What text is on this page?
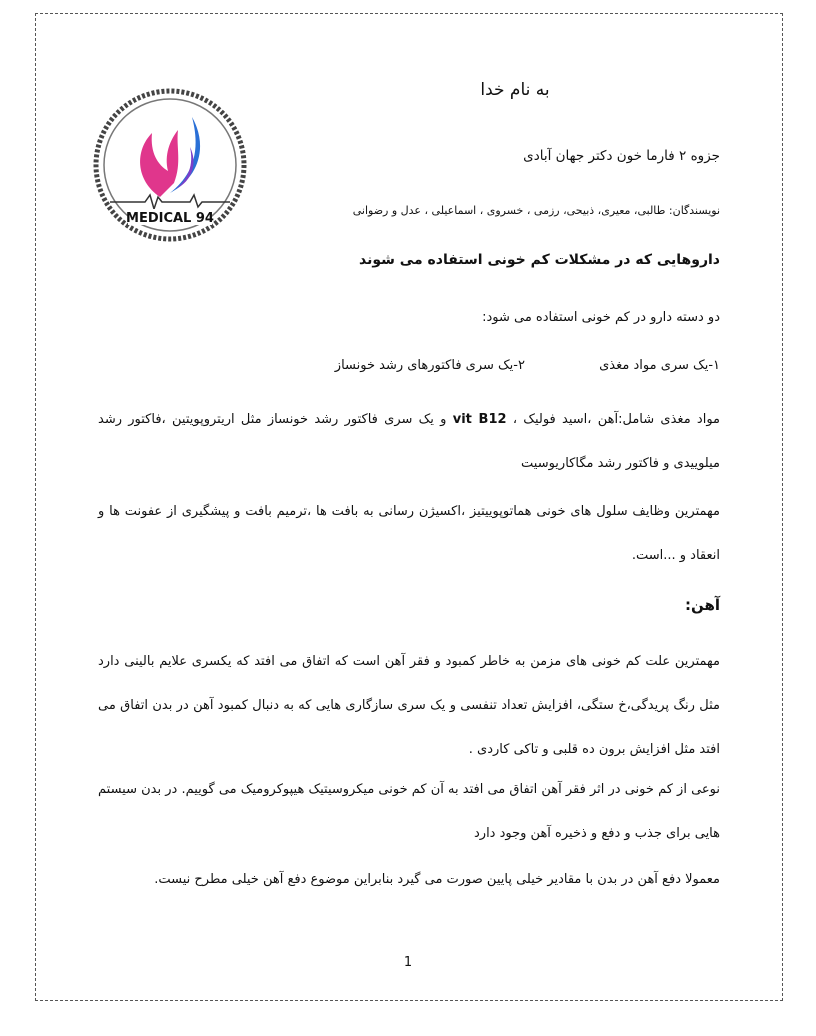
MEDICAL 94
به نام خدا
جزوه ۲ فارما خون دکتر جهان آبادی
نویسندگان: طالبی، معیری، ذبیحی، رزمی ، خسروی ، اسماعیلی ، عدل و رضوانی
داروهایی که در مشکلات کم خونی استفاده می شوند
دو دسته دارو در کم خونی استفاده می شود:
۱-یک سری مواد مغذی ۲-یک سری فاکتورهای رشد خونساز
مواد مغذی شامل:آهن ،اسید فولیک ، vit B12 و یک سری فاکتور رشد خونساز مثل اریتروپویتین ،فاکتور رشد میلوییدی و فاکتور رشد مگاکاریوسیت
مهمترین وظایف سلول های خونی هماتوپوییتیز ،اکسیژن رسانی به بافت ها ،ترمیم بافت و پیشگیری از عفونت ها و انعقاد و ...است.
آهن:
مهمترین علت کم خونی های مزمن به خاطر کمبود و فقر آهن است که اتفاق می افتد که یکسری علایم بالینی دارد مثل رنگ پریدگی،خ ستگی، افزایش تعداد تنفسی و یک سری سازگاری هایی که به دنبال کمبود آهن در بدن اتفاق می افتد مثل افزایش برون ده قلبی و تاکی کاردی .
نوعی از کم خونی در اثر فقر آهن اتفاق می افتد به آن کم خونی میکروسیتیک هیپوکرومیک می گوییم. در بدن سیستم هایی برای جذب و دفع و ذخیره آهن وجود دارد
معمولا دفع آهن در بدن با مقادیر خیلی پایین صورت می گیرد بنابراین موضوع دفع آهن خیلی مطرح نیست.
1
